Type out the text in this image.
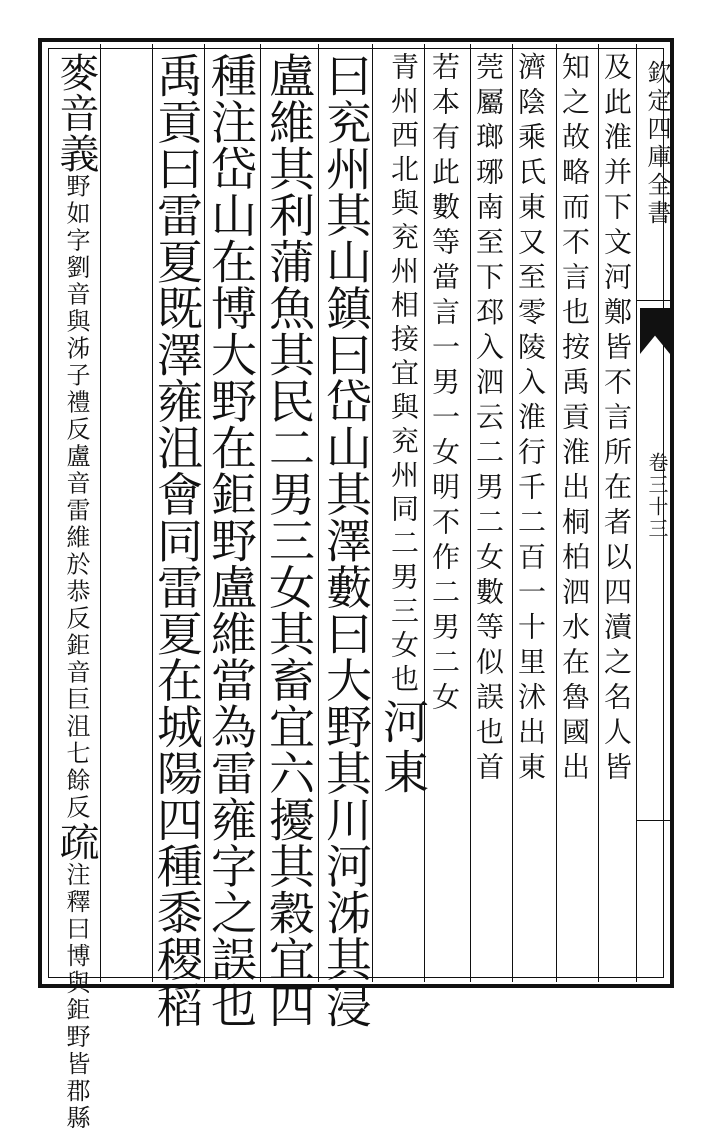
欽定四庫全書
卷三十三
及此淮并下文河鄭皆不言所在者以四瀆之名人皆
知之故略而不言也按禹貢淮出桐柏泗水在魯國出
濟陰乘氏東又至零陵入淮行千二百一十里沭出東
莞屬瑯琊南至下邳入泗云二男二女數等似誤也首
若本有此數等當言一男一女明不作二男二女
青州西北與兖州相接宜與兖州同二男三女也河東
曰兖州其山鎮曰岱山其澤藪曰大野其川河泲其浸
盧維其利蒲魚其民二男三女其畜宜六擾其穀宜四
種注岱山在博大野在鉅野盧維當為雷雍字之誤也
禹貢曰雷夏既澤雍沮會同雷夏在城陽四種黍稷稻
麥音義野如字劉音與泲子禮反盧音雷維於恭反鉅音巨沮七餘反疏注釋曰博與鉅野皆郡縣
